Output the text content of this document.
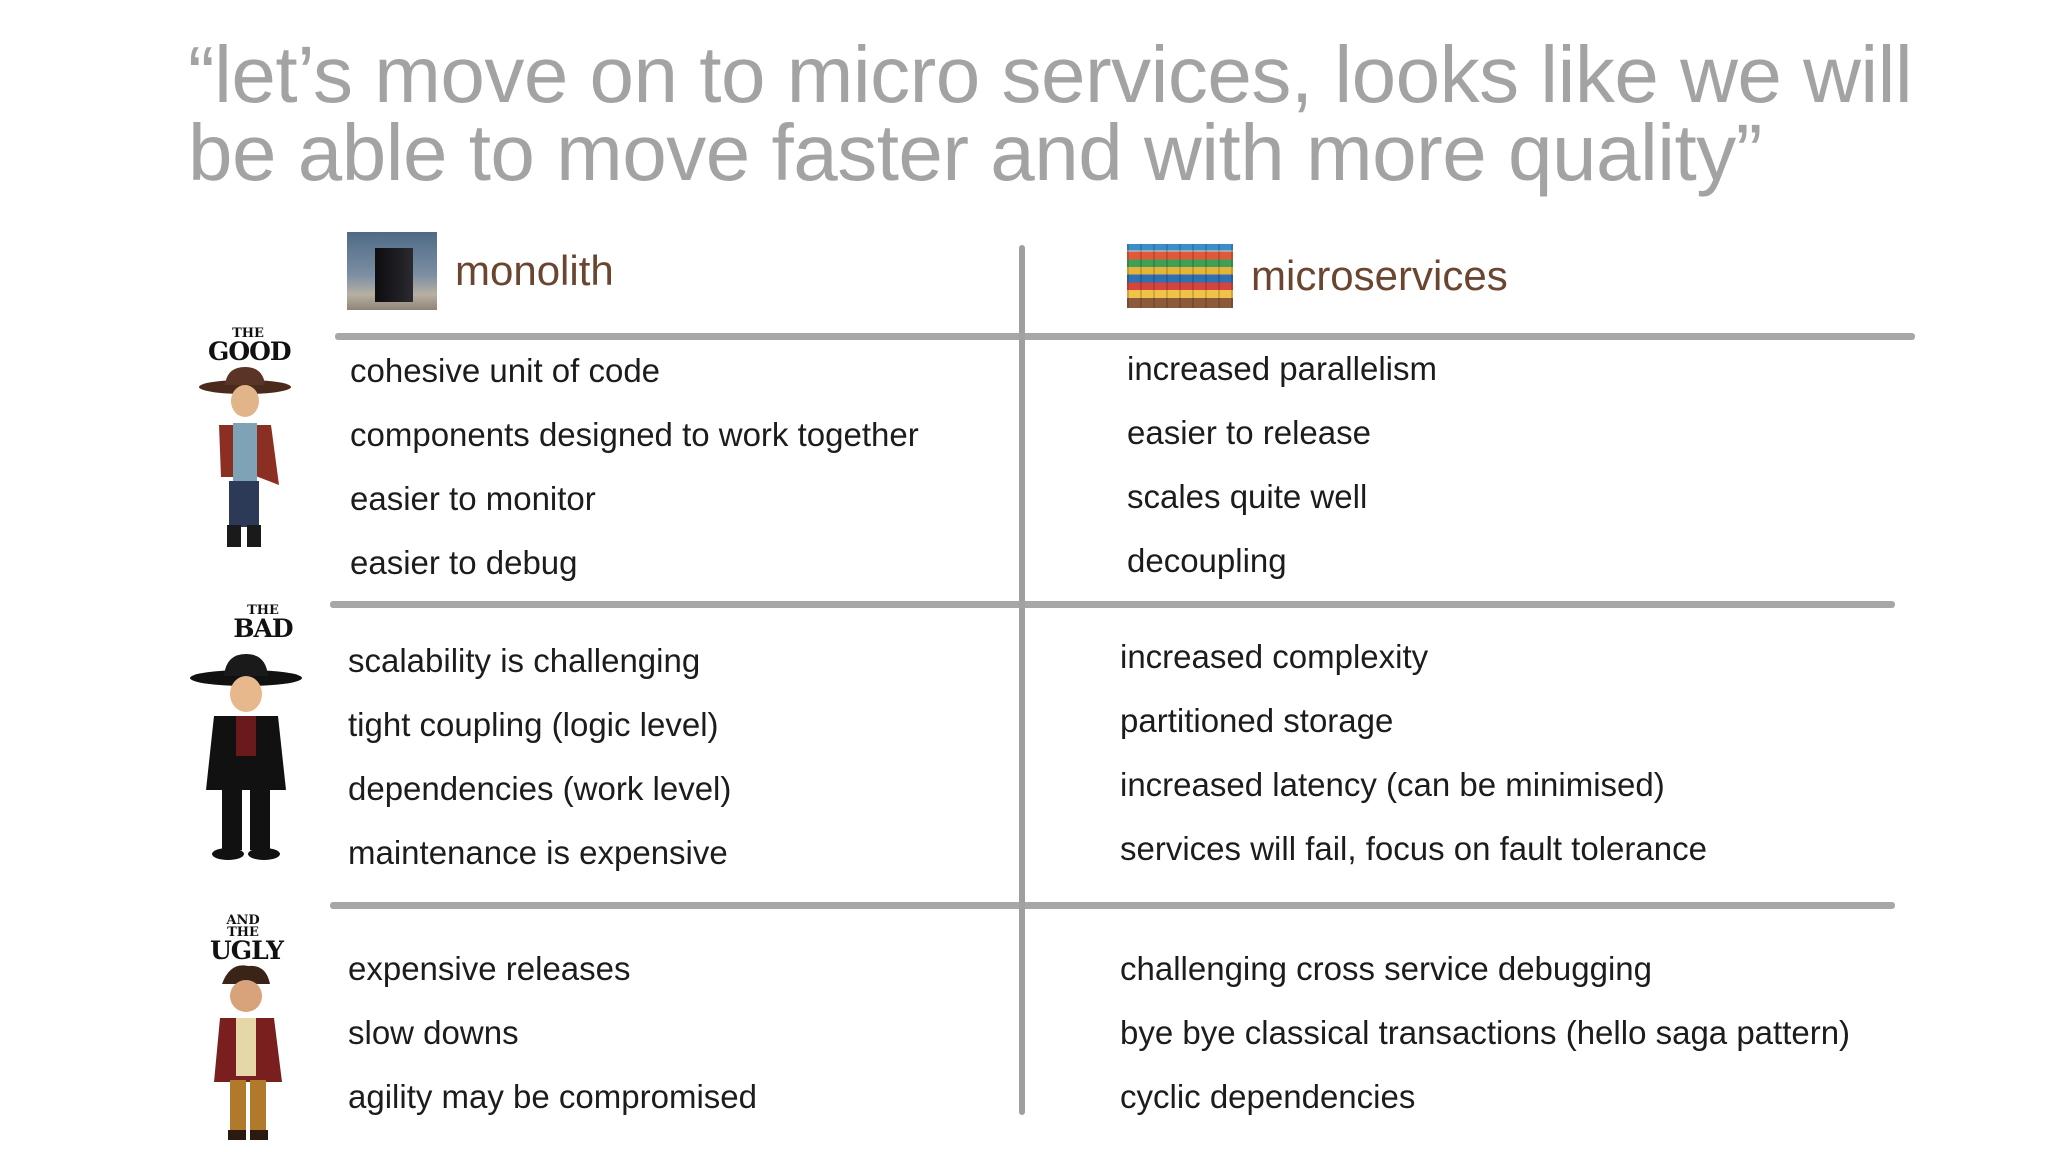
“let’s move on to micro services, looks like we will
be able to move faster and with more quality”
monolith	microservices
THE
GOOD
THE
BAD
AND THE
UGLY
cohesive unit of code
components designed to work together
easier to monitor
easier to debug
increased parallelism
easier to release
scales quite well
decoupling
scalability is challenging
tight coupling (logic level)
dependencies (work level)
maintenance is expensive
increased complexity
partitioned storage
increased latency (can be minimised)
services will fail, focus on fault tolerance
expensive releases
slow downs
agility may be compromised
challenging cross service debugging
bye bye classical transactions (hello saga pattern)
cyclic dependencies
